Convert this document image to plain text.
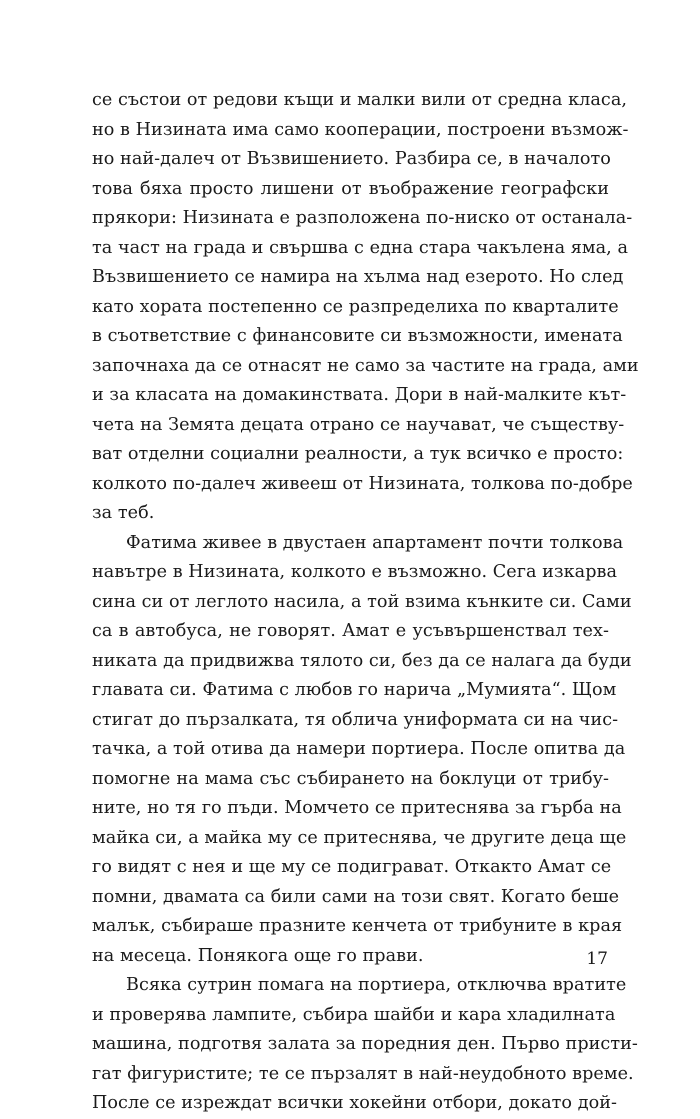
се състои от редови къщи и малки вили от средна класа,
но в Низината има само кооперации, построени възмож-
но най-далеч от Възвишението. Разбира се, в началото
това бяха просто лишени от въображение географски
прякори: Низината е разположена по-ниско от останала-
та част на града и свършва с една стара чакълена яма, а
Възвишението се намира на хълма над езерото. Но след
като хората постепенно се разпределиха по кварталите
в съответствие с финансовите си възможности, имената
започнаха да се отнасят не само за частите на града, ами
и за класата на домакинствата. Дори в най-малките кът-
чета на Земята децата отрано се научават, че съществу-
ват отделни социални реалности, а тук всичко е просто:
колкото по-далеч живееш от Низината, толкова по-добре
за теб.
Фатима живее в двустаен апартамент почти толкова
навътре в Низината, колкото е възможно. Сега изкарва
сина си от леглото насила, а той взима кънките си. Сами
са в автобуса, не говорят. Амат е усъвършенствал тех-
никата да придвижва тялото си, без да се налага да буди
главата си. Фатима с любов го нарича „Мумията“. Щом
стигат до пързалката, тя облича униформата си на чис-
тачка, а той отива да намери портиера. После опитва да
помогне на мама със събирането на боклуци от трибу-
ните, но тя го пъди. Момчето се притеснява за гърба на
майка си, а майка му се притеснява, че другите деца ще
го видят с нея и ще му се подиграват. Откакто Амат се
помни, двамата са били сами на този свят. Когато беше
малък, събираше празните кенчета от трибуните в края
на месеца. Понякога още го прави.
Всяка сутрин помага на портиера, отключва вратите
и проверява лампите, събира шайби и кара хладилната
машина, подготвя залата за поредния ден. Първо присти-
гат фигуристите; те се пързалят в най-неудобното време.
После се изреждат всички хокейни отбори, докато дой-
17
